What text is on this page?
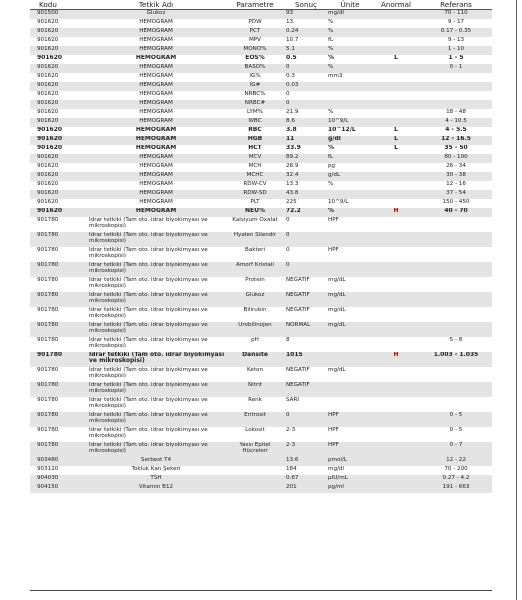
Kodu	Tetkik Adı	Parametre	Sonuç	Ünite	Anormal	Referans
901500	Glukoz		93	mg/dl		70 - 110
901620	HEMOGRAM	PDW	13	%		9 - 17
901620	HEMOGRAM	PCT	0.24	%		0.17 - 0.35
901620	HEMOGRAM	MPV	10.7	fL		9 - 13
901620	HEMOGRAM	MONO%	5.1	%		1 - 10
901620	HEMOGRAM	EOS%	0.5	%	L	1 - 5
901620	HEMOGRAM	BASO%	0	%		0 - 1
901620	HEMOGRAM	IG%	0.3	mm3		
901620	HEMOGRAM	IG#	0.03			
901620	HEMOGRAM	NRBC%	0			
901620	HEMOGRAM	NRBC#	0			
901620	HEMOGRAM	LYM%	21.9	%		18 - 48
901620	HEMOGRAM	WBC	8.6	10^9/L		4 - 10.5
901620	HEMOGRAM	RBC	3.8	10^12/L	L	4 - 5.5
901620	HEMOGRAM	HGB	11	g/dl	L	12 - 16.5
901620	HEMOGRAM	HCT	33.9	%	L	35 - 50
901620	HEMOGRAM	MCV	89.2	fL		80 - 100
901620	HEMOGRAM	MCH	28.9	pg		26 - 34
901620	HEMOGRAM	MCHC	32.4	g/dL		30 - 38
901620	HEMOGRAM	RDW-CV	13.3	%		12 - 16
901620	HEMOGRAM	RDW-SD	43.8			37 - 54
901620	HEMOGRAM	PLT	225	10^9/L		150 - 450
901620	HEMOGRAM	NEU%	72.2	%	H	40 - 70
901780	İdrar tetkiki (Tam oto. idrar biyokimyası ve mikroskopisi)	Kalsiyum Oxalat	0	HPF		
901780	İdrar tetkiki (Tam oto. idrar biyokimyası ve mikroskopisi)	Hyalen Silendir	0			
901780	İdrar tetkiki (Tam oto. idrar biyokimyası ve mikroskopisi)	Bakteri	0	HPF		
901780	İdrar tetkiki (Tam oto. idrar biyokimyası ve mikroskopisi)	Amorf Kristali	0			
901780	İdrar tetkiki (Tam oto. idrar biyokimyası ve mikroskopisi)	Protein	NEGATİF	mg/dL		
901780	İdrar tetkiki (Tam oto. idrar biyokimyası ve mikroskopisi)	Glukoz	NEGATİF	mg/dL		
901780	İdrar tetkiki (Tam oto. idrar biyokimyası ve mikroskopisi)	Bilirubin	NEGATİF	mg/dL		
901780	İdrar tetkiki (Tam oto. idrar biyokimyası ve mikroskopisi)	Ürobilinojen	NORMAL	mg/dL		
901780	İdrar tetkiki (Tam oto. idrar biyokimyası ve mikroskopisi)	pH	8			5 - 8
901780	İdrar tetkiki (Tam oto. idrar biyokimyası ve mikroskopisi)	Dansite	1015		H	1.003 - 1.035
901780	İdrar tetkiki (Tam oto. idrar biyokimyası ve mikroskopisi)	Keton	NEGATİF	mg/dL		
901780	İdrar tetkiki (Tam oto. idrar biyokimyası ve mikroskopisi)	Nitrit	NEGATİF			
901780	İdrar tetkiki (Tam oto. idrar biyokimyası ve mikroskopisi)	Renk	SARI			
901780	İdrar tetkiki (Tam oto. idrar biyokimyası ve mikroskopisi)	Eritrosit	0	HPF		0 - 5
901780	İdrar tetkiki (Tam oto. idrar biyokimyası ve mikroskopisi)	Lokosit	2-3	HPF		0 - 5
901780	İdrar tetkiki (Tam oto. idrar biyokimyası ve mikroskopisi)	Yassı Epitel Hücreleri	2-3	HPF		0 - 7
903480	Serbest T4		13.6	pmol/L		12 - 22
903120	Tokluk Kan Şekeri		184	mg/dl		70 - 200
904030	TSH		0.67	µIU/mL		0.27 - 4.2
904150	Vitamin B12		201	pg/ml		191 - 663
